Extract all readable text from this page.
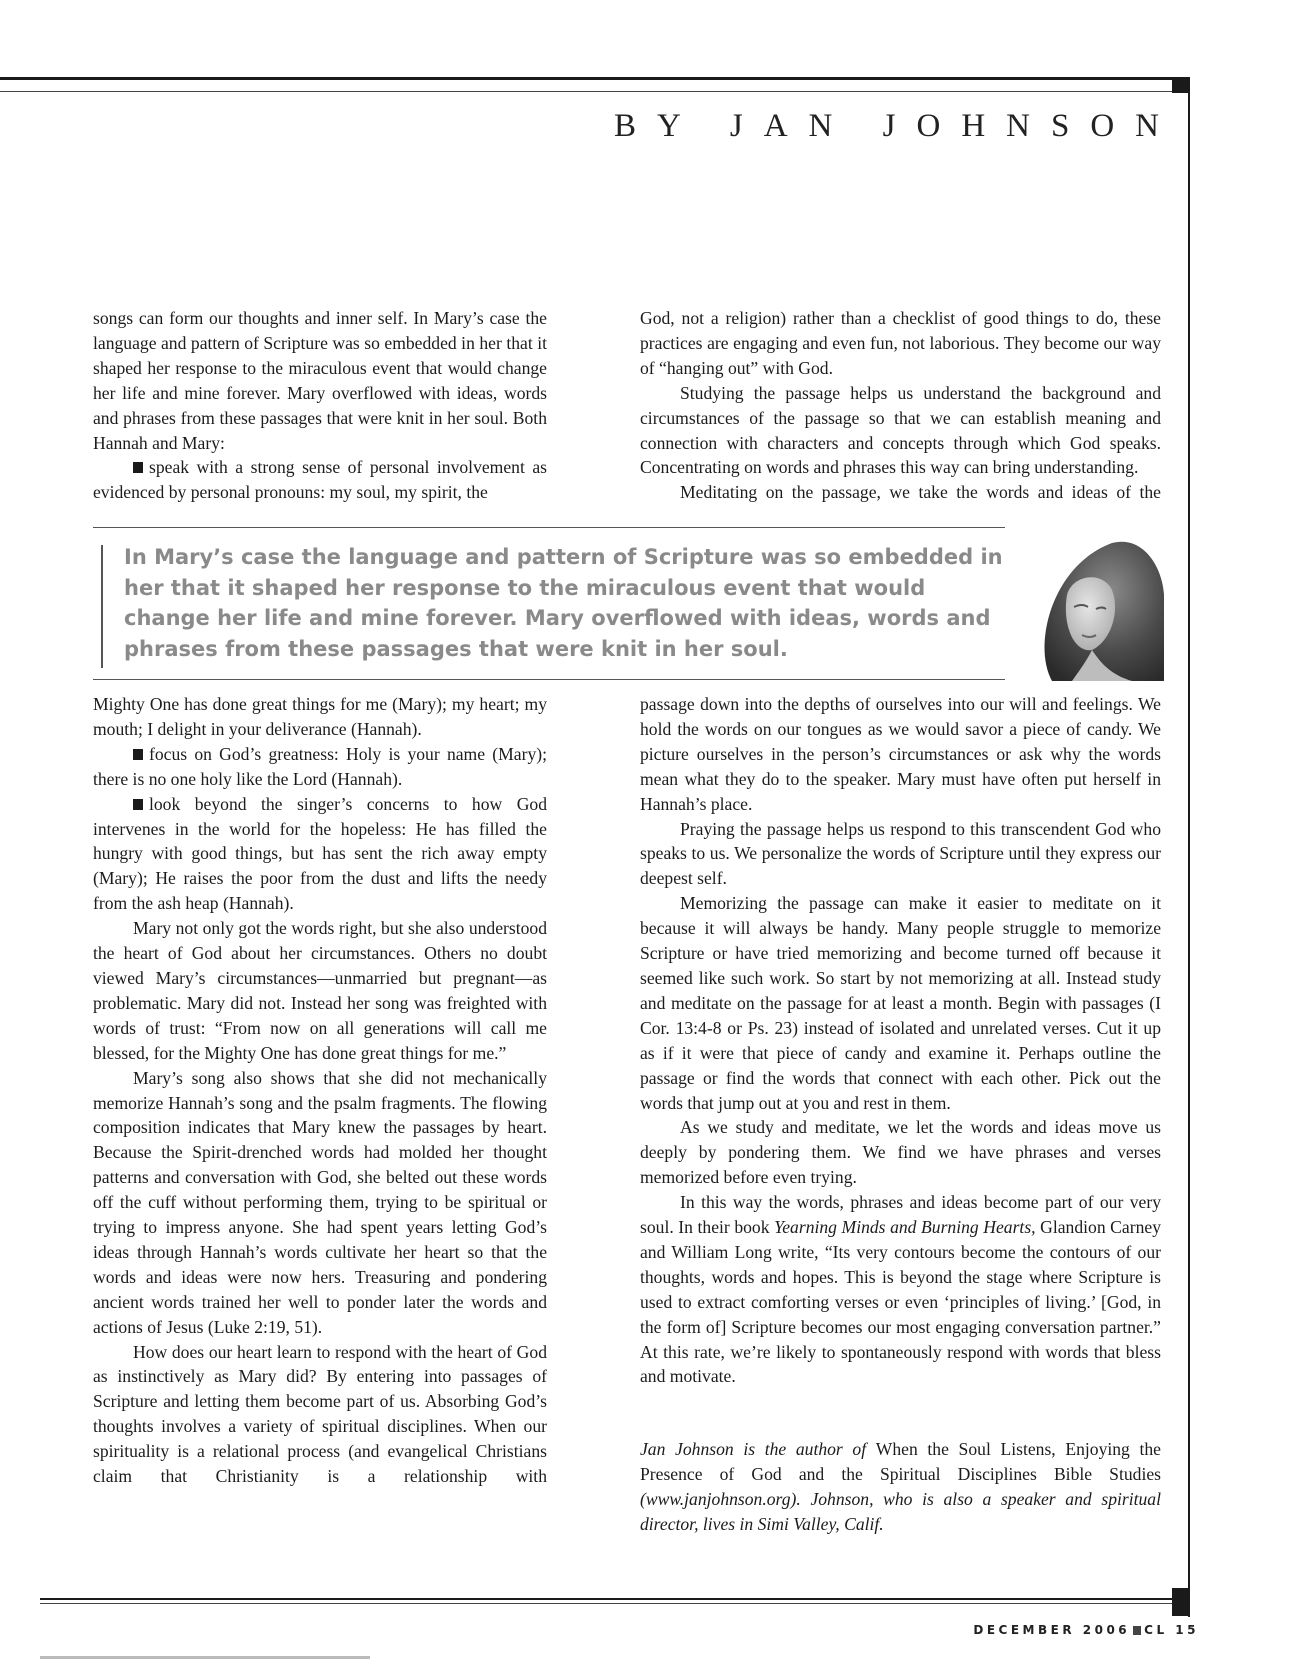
BY JAN JOHNSON

songs can form our thoughts and inner self. In Mary’s case the language and pattern of Scripture was so embedded in her that it shaped her response to the miraculous event that would change her life and mine forever. Mary overflowed with ideas, words and phrases from these passages that were knit in her soul. Both Hannah and Mary:

speak with a strong sense of personal involvement as evidenced by personal pronouns: my soul, my spirit, the

God, not a religion) rather than a checklist of good things to do, these practices are engaging and even fun, not laborious. They become our way of “hanging out” with God.

Studying the passage helps us understand the background and circumstances of the passage so that we can establish meaning and connection with characters and concepts through which God speaks. Concentrating on words and phrases this way can bring understanding.

Meditating on the passage, we take the words and ideas of the

In Mary’s case the language and pattern of Scripture was so embedded in her that it shaped her response to the miraculous event that would change her life and mine forever. Mary overflowed with ideas, words and phrases from these passages that were knit in her soul.

Mighty One has done great things for me (Mary); my heart; my mouth; I delight in your deliverance (Hannah).

focus on God’s greatness: Holy is your name (Mary); there is no one holy like the Lord (Hannah).

look beyond the singer’s concerns to how God intervenes in the world for the hopeless: He has filled the hungry with good things, but has sent the rich away empty (Mary); He raises the poor from the dust and lifts the needy from the ash heap (Hannah).

Mary not only got the words right, but she also understood the heart of God about her circumstances. Others no doubt viewed Mary’s circumstances—unmarried but pregnant—as problematic. Mary did not. Instead her song was freighted with words of trust: “From now on all generations will call me blessed, for the Mighty One has done great things for me.”

Mary’s song also shows that she did not mechanically memorize Hannah’s song and the psalm fragments. The flowing composition indicates that Mary knew the passages by heart. Because the Spirit-drenched words had molded her thought patterns and conversation with God, she belted out these words off the cuff without performing them, trying to be spiritual or trying to impress anyone. She had spent years letting God’s ideas through Hannah’s words cultivate her heart so that the words and ideas were now hers. Treasuring and pondering ancient words trained her well to ponder later the words and actions of Jesus (Luke 2:19, 51).

How does our heart learn to respond with the heart of God as instinctively as Mary did? By entering into passages of Scripture and letting them become part of us. Absorbing God’s thoughts involves a variety of spiritual disciplines. When our spirituality is a relational process (and evangelical Christians claim that Christianity is a relationship with

passage down into the depths of ourselves into our will and feelings. We hold the words on our tongues as we would savor a piece of candy. We picture ourselves in the person’s circumstances or ask why the words mean what they do to the speaker. Mary must have often put herself in Hannah’s place.

Praying the passage helps us respond to this transcendent God who speaks to us. We personalize the words of Scripture until they express our deepest self.

Memorizing the passage can make it easier to meditate on it because it will always be handy. Many people struggle to memorize Scripture or have tried memorizing and become turned off because it seemed like such work. So start by not memorizing at all. Instead study and meditate on the passage for at least a month. Begin with passages (I Cor. 13:4-8 or Ps. 23) instead of isolated and unrelated verses. Cut it up as if it were that piece of candy and examine it. Perhaps outline the passage or find the words that connect with each other. Pick out the words that jump out at you and rest in them.

As we study and meditate, we let the words and ideas move us deeply by pondering them. We find we have phrases and verses memorized before even trying.

In this way the words, phrases and ideas become part of our very soul. In their book Yearning Minds and Burning Hearts, Glandion Carney and William Long write, “Its very contours become the contours of our thoughts, words and hopes. This is beyond the stage where Scripture is used to extract comforting verses or even ‘principles of living.’ [God, in the form of] Scripture becomes our most engaging conversation partner.” At this rate, we’re likely to spontaneously respond with words that bless and motivate.

Jan Johnson is the author of When the Soul Listens, Enjoying the Presence of God and the Spiritual Disciplines Bible Studies (www.janjohnson.org). Johnson, who is also a speaker and spiritual director, lives in Simi Valley, Calif.

DECEMBER 2006 CL 15
